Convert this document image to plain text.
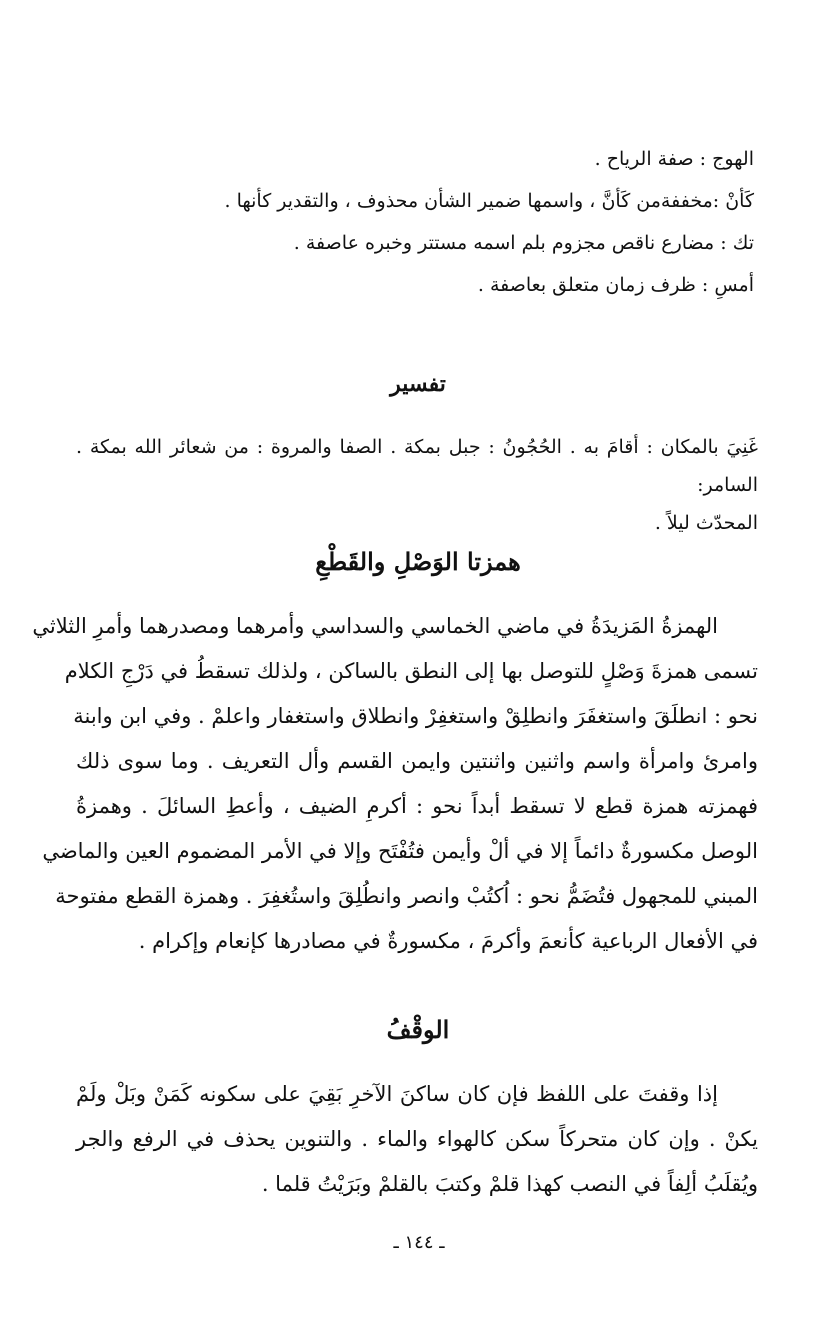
الهوج : صفة الرياح .

كَأنْ :مخففةمن كَأنَّ ، واسمها ضمير الشأن محذوف ، والتقدير كأنها .

تك : مضارع ناقص مجزوم بلم اسمه مستتر وخبره عاصفة .

أمسِ : ظرف زمان متعلق بعاصفة .

تفسير

غَنِيَ بالمكان : أقامَ به . الحُجُونُ : جبل بمكة . الصفا والمروة : من شعائر الله بمكة . السامر:

المحدّث ليلاً .

همزتا الوَصْلِ والقَطْعِ

الهمزةُ المَزيدَةُ في ماضي الخماسي والسداسي وأمرهما ومصدرهما وأمرِ الثلاثي

تسمى همزةَ وَصْلٍ للتوصل بها إلى النطق بالساكن ، ولذلك تسقطُ في دَرْجِ الكلام

نحو : انطلَقَ واستغفَرَ وانطلِقْ واستغفِرْ وانطلاق واستغفار واعلمْ . وفي ابن وابنة

وامرئ وامرأة واسم واثنين واثنتين وايمن القسم وأل التعريف . وما سوى ذلك

فهمزته همزة قطع لا تسقط أبداً نحو : أكرمِ الضيف ، وأعطِ السائلَ . وهمزةُ

الوصل مكسورةٌ دائماً إلا في ألْ وأيمن فتُفْتَح وإلا في الأمر المضموم العين والماضي

المبني للمجهول فتُضَمُّ نحو : اُكتُبْ وانصر وانطُلِقَ واستُغفِرَ . وهمزة القطع مفتوحة

في الأفعال الرباعية كأنعمَ وأكرمَ ، مكسورةٌ في مصادرها كإنعام وإكرام .

الوقْفُ

إذا وقفتَ على اللفظ فإن كان ساكنَ الآخرِ بَقِيَ على سكونه كَمَنْ وبَلْ ولَمْ

يكنْ . وإن كان متحركاً سكن كالهواء والماء . والتنوين يحذف في الرفع والجر

ويُقلَبُ ألِفاً في النصب كهذا قلمْ وكتبَ بالقلمْ وبَرَيْتُ قلما .

ـ ١٤٤ ـ
